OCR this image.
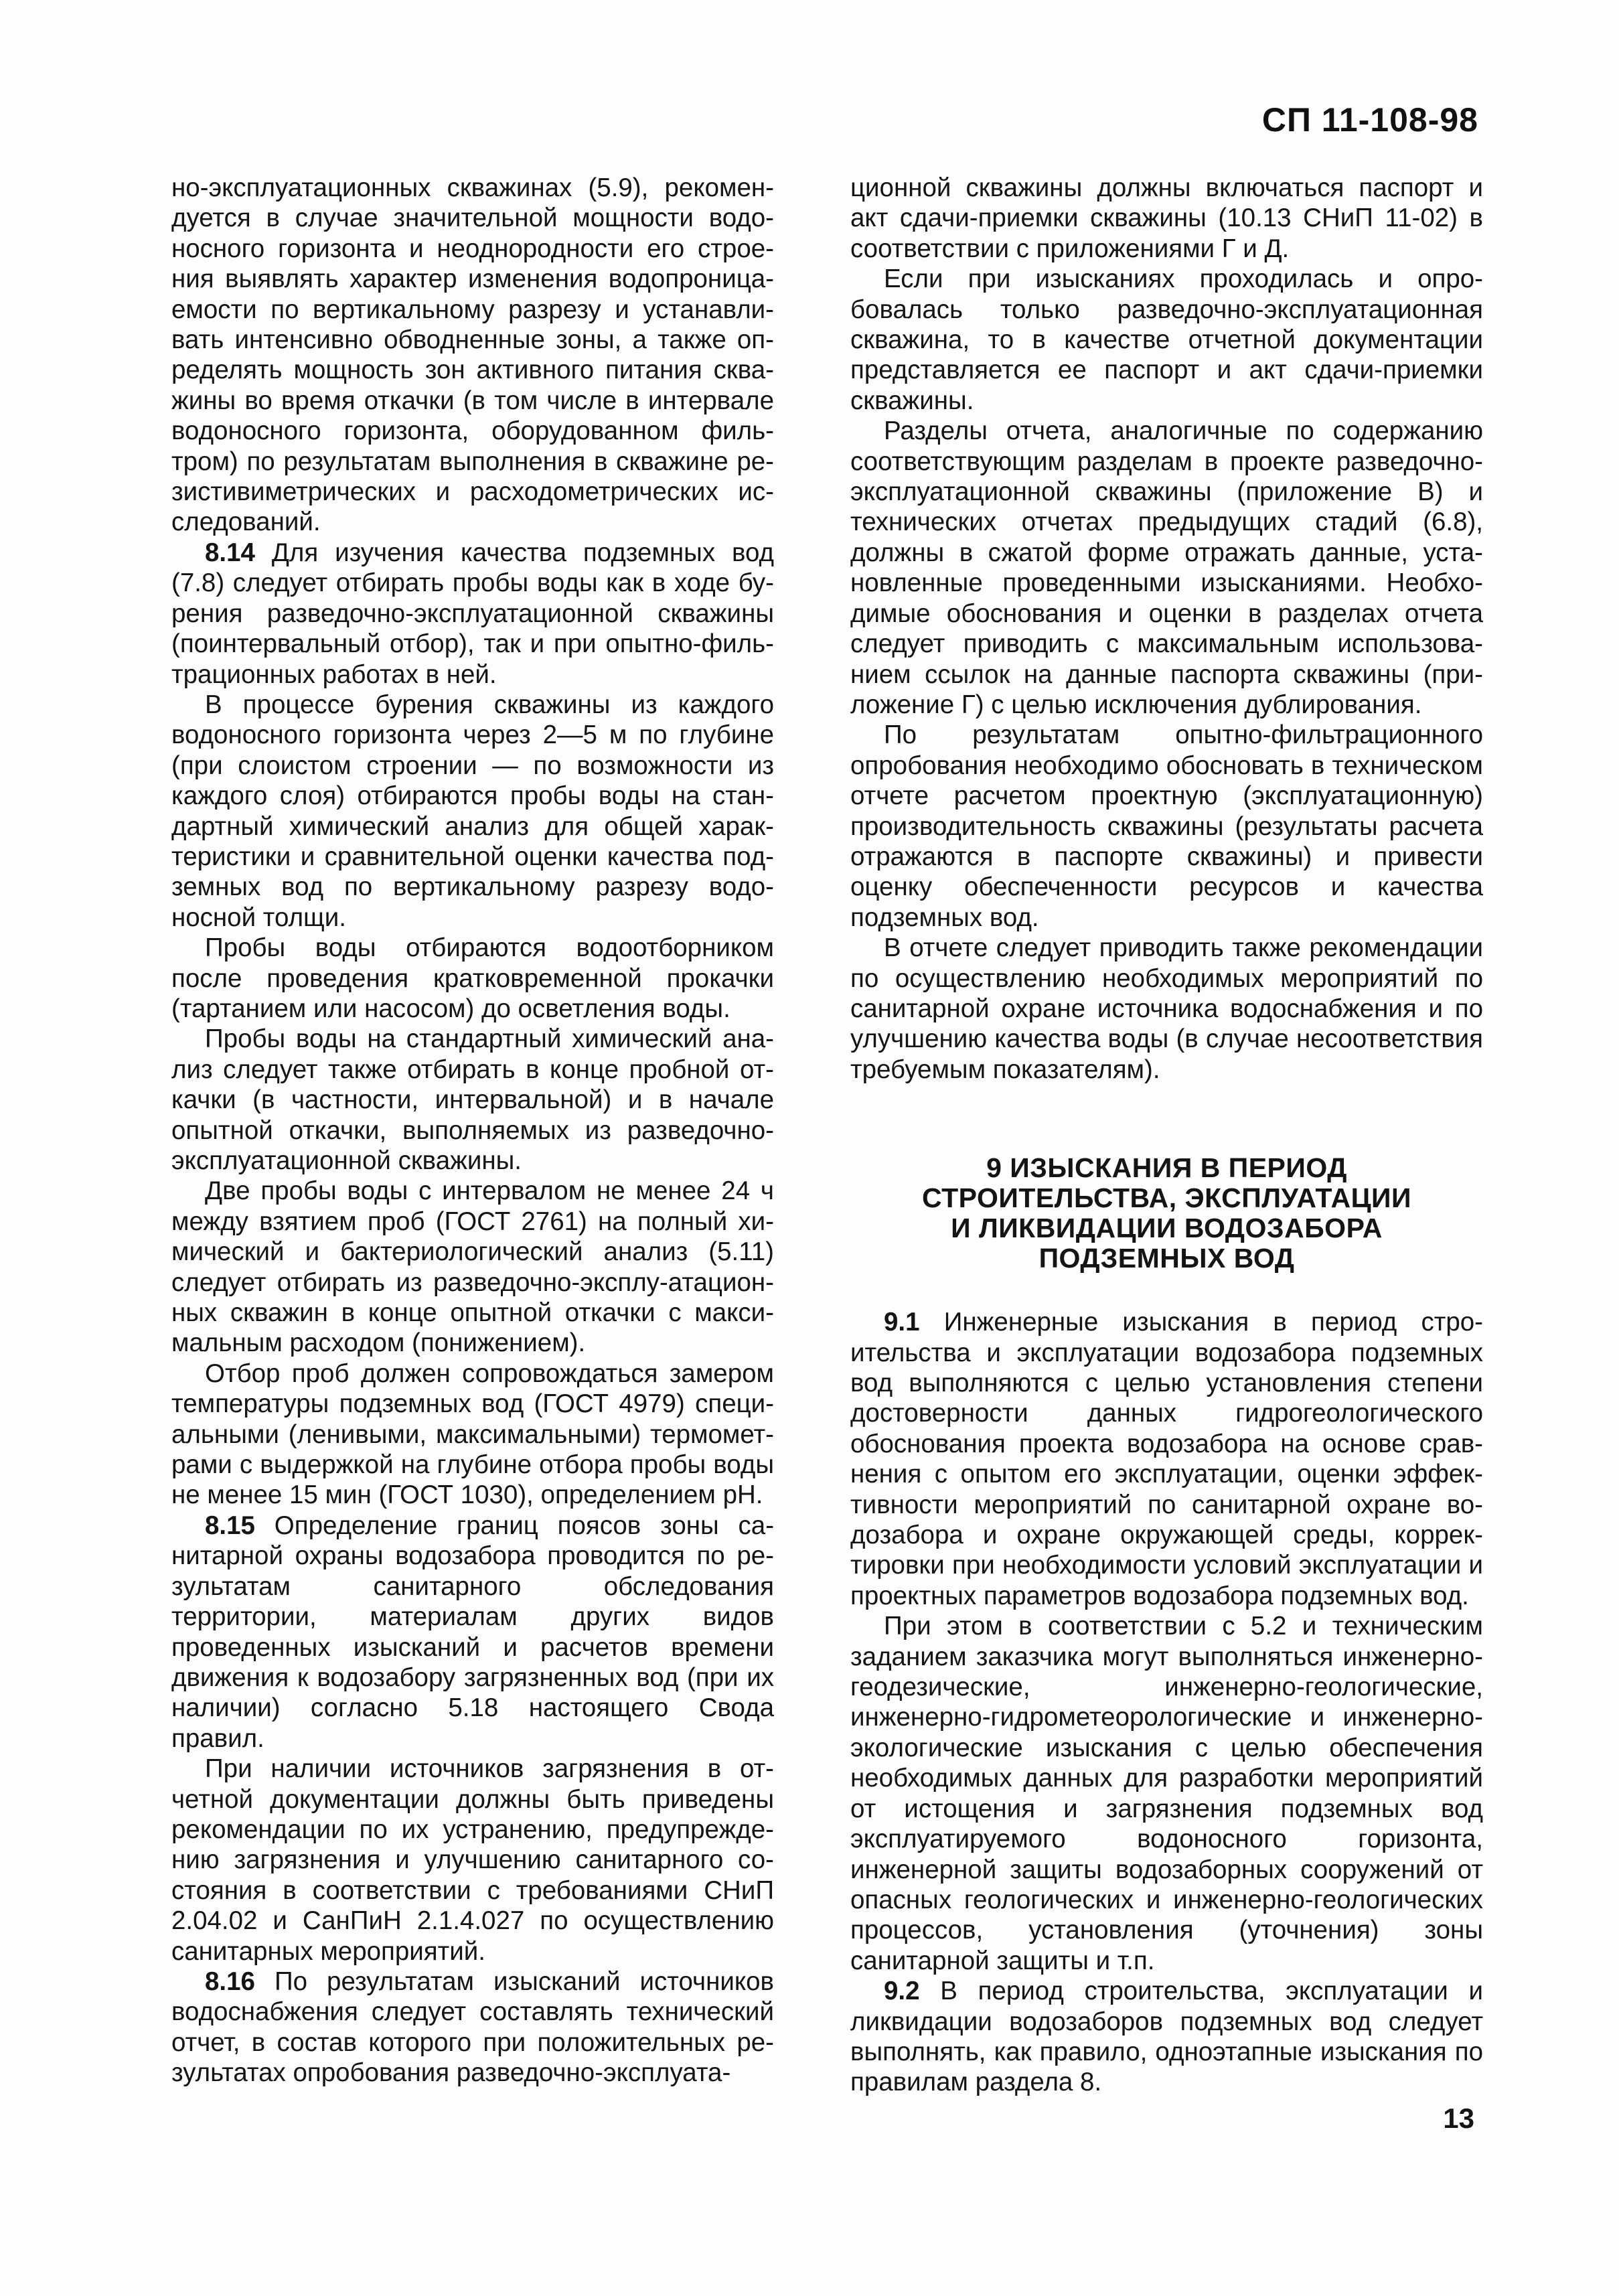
СП 11-108-98

но-эксплуатационных скважинах (5.9), рекомендуется в случае значительной мощности водоносного горизонта и неоднородности его строения выявлять характер изменения водопроницаемости по вертикальному разрезу и устанавливать интенсивно обводненные зоны, а также определять мощность зон активного питания скважины во время откачки (в том числе в интервале водоносного горизонта, оборудованном фильтром) по результатам выполнения в скважине резистивиметрических и расходометрических исследований.

8.14 Для изучения качества подземных вод (7.8) следует отбирать пробы воды как в ходе бурения разведочно-эксплуатационной скважины (поинтервальный отбор), так и при опытно-фильтрационных работах в ней.

В процессе бурения скважины из каждого водоносного горизонта через 2—5 м по глубине (при слоистом строении — по возможности из каждого слоя) отбираются пробы воды на стандартный химический анализ для общей характеристики и сравнительной оценки качества подземных вод по вертикальному разрезу водоносной толщи.

Пробы воды отбираются водоотборником после проведения кратковременной прокачки (тартанием или насосом) до осветления воды.

Пробы воды на стандартный химический анализ следует также отбирать в конце пробной откачки (в частности, интервальной) и в начале опытной откачки, выполняемых из разведочно-эксплуатационной скважины.

Две пробы воды с интервалом не менее 24 ч между взятием проб (ГОСТ 2761) на полный химический и бактериологический анализ (5.11) следует отбирать из разведочно-эксплу-атационных скважин в конце опытной откачки с максимальным расходом (понижением).

Отбор проб должен сопровождаться замером температуры подземных вод (ГОСТ 4979) специальными (ленивыми, максимальными) термометрами с выдержкой на глубине отбора пробы воды не менее 15 мин (ГОСТ 1030), определением pH.

8.15 Определение границ поясов зоны санитарной охраны водозабора проводится по результатам санитарного обследования территории, материалам других видов проведенных изысканий и расчетов времени движения к водозабору загрязненных вод (при их наличии) согласно 5.18 настоящего Свода правил.

При наличии источников загрязнения в отчетной документации должны быть приведены рекомендации по их устранению, предупреждению загрязнения и улучшению санитарного состояния в соответствии с требованиями СНиП 2.04.02 и СанПиН 2.1.4.027 по осуществлению санитарных мероприятий.

8.16 По результатам изысканий источников водоснабжения следует составлять технический отчет, в состав которого при положительных результатах опробования разведочно-эксплуата-

ционной скважины должны включаться паспорт и акт сдачи-приемки скважины (10.13 СНиП 11-02) в соответствии с приложениями Г и Д.

Если при изысканиях проходилась и опробовалась только разведочно-эксплуатационная скважина, то в качестве отчетной документации представляется ее паспорт и акт сдачи-приемки скважины.

Разделы отчета, аналогичные по содержанию соответствующим разделам в проекте разведочно-эксплуатационной скважины (приложение В) и технических отчетах предыдущих стадий (6.8), должны в сжатой форме отражать данные, установленные проведенными изысканиями. Необходимые обоснования и оценки в разделах отчета следует приводить с максимальным использованием ссылок на данные паспорта скважины (приложение Г) с целью исключения дублирования.

По результатам опытно-фильтрационного опробования необходимо обосновать в техническом отчете расчетом проектную (эксплуатационную) производительность скважины (результаты расчета отражаются в паспорте скважины) и привести оценку обеспеченности ресурсов и качества подземных вод.

В отчете следует приводить также рекомендации по осуществлению необходимых мероприятий по санитарной охране источника водоснабжения и по улучшению качества воды (в случае несоответствия требуемым показателям).

9 ИЗЫСКАНИЯ В ПЕРИОД
СТРОИТЕЛЬСТВА, ЭКСПЛУАТАЦИИ
И ЛИКВИДАЦИИ ВОДОЗАБОРА
ПОДЗЕМНЫХ ВОД

9.1 Инженерные изыскания в период строительства и эксплуатации водозабора подземных вод выполняются с целью установления степени достоверности данных гидрогеологического обоснования проекта водозабора на основе сравнения с опытом его эксплуатации, оценки эффективности мероприятий по санитарной охране водозабора и охране окружающей среды, корректировки при необходимости условий эксплуатации и проектных параметров водозабора подземных вод.

При этом в соответствии с 5.2 и техническим заданием заказчика могут выполняться инженерно-геодезические, инженерно-геологические, инженерно-гидрометеорологические и инженерно-экологические изыскания с целью обеспечения необходимых данных для разработки мероприятий от истощения и загрязнения подземных вод эксплуатируемого водоносного горизонта, инженерной защиты водозаборных сооружений от опасных геологических и инженерно-геологических процессов, установления (уточнения) зоны санитарной защиты и т.п.

9.2 В период строительства, эксплуатации и ликвидации водозаборов подземных вод следует выполнять, как правило, одноэтапные изыскания по правилам раздела 8.

13
